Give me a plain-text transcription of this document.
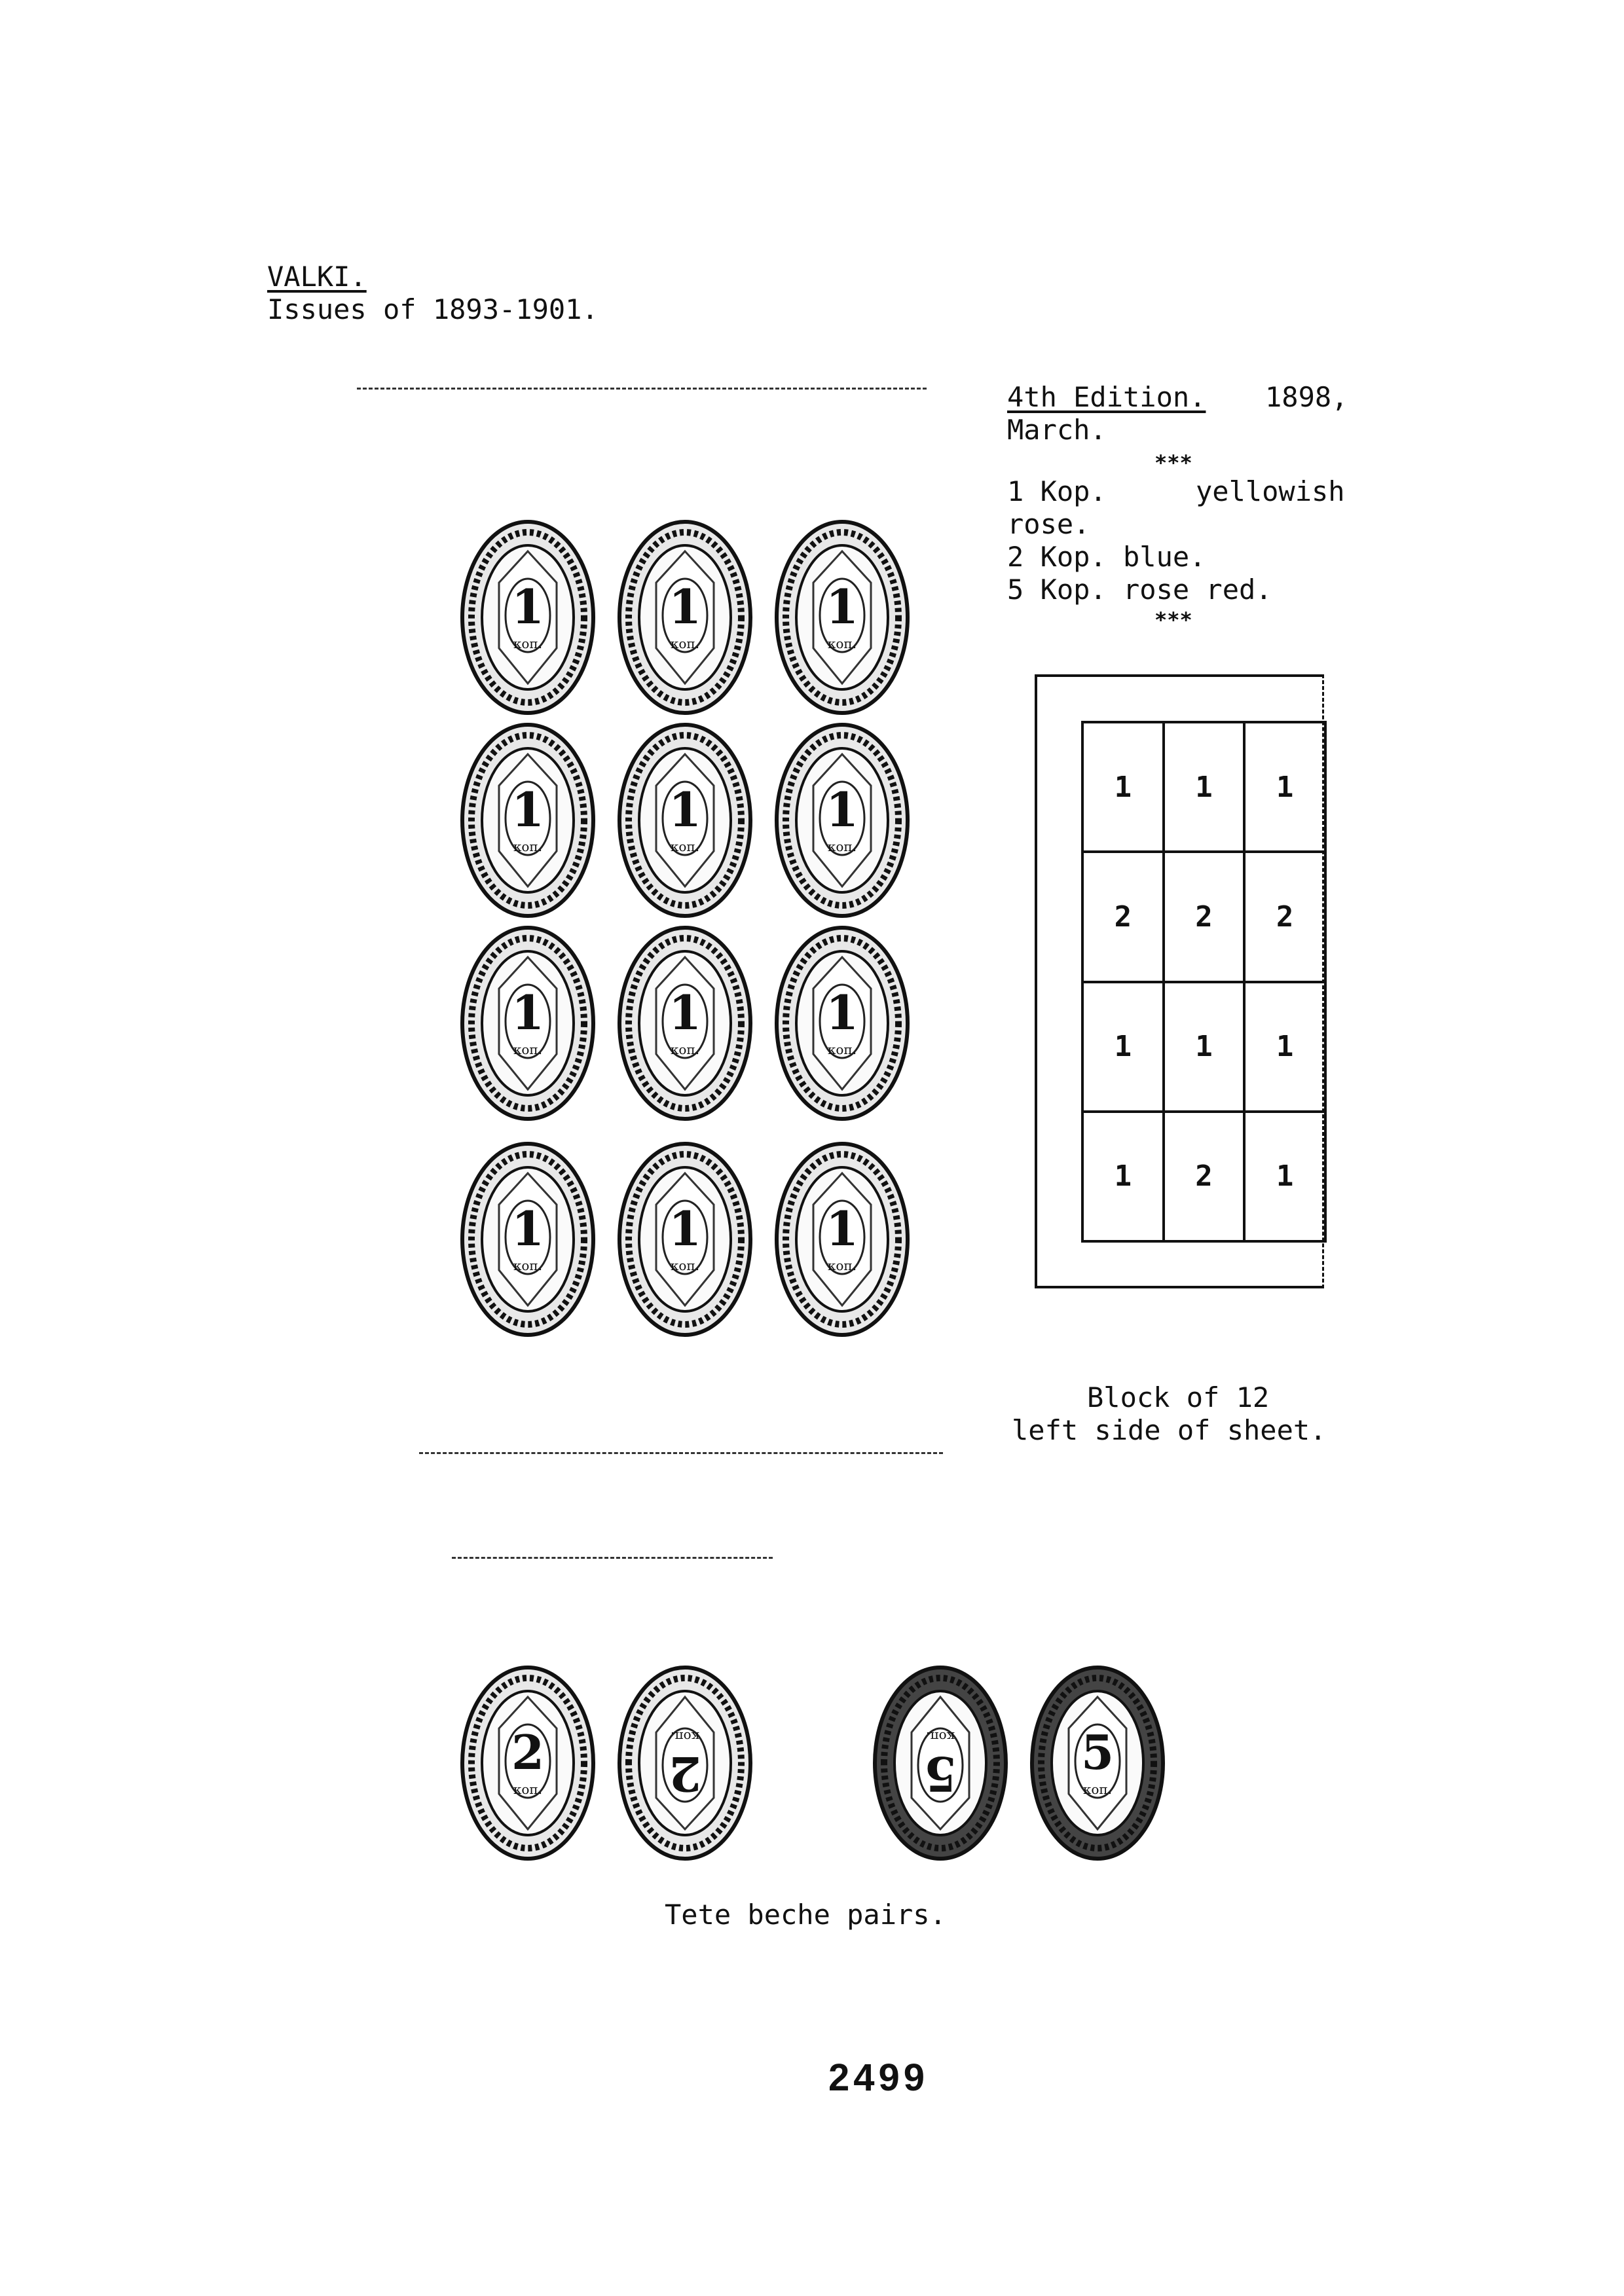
VALKI.
Issues of 1893-1901.
4th Edition. 1898,
March.
***
1 Kop.	yellowish
rose.
2 Kop. blue.
5 Kop. rose red.
***
1
коп.
1
коп.
1
коп.
1
коп.
1
коп.
1
коп.
1
коп.
1
коп.
1
коп.
1
коп.
1
коп.
1
коп.
1	1	1
2	2	2
1	1	1
1	2	1
Block of 12
left side of sheet.
2
коп.	2
коп.
5
коп.	5
коп.
Tete beche pairs.
2499
